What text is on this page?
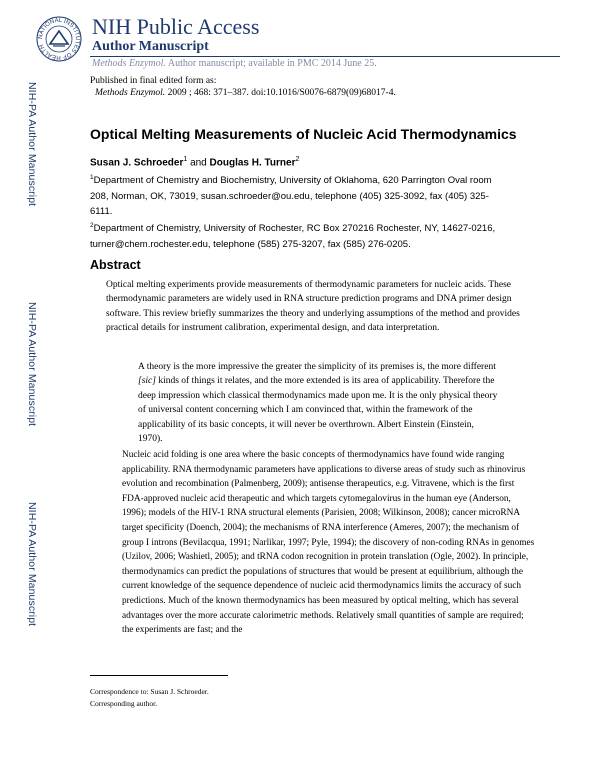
NATIONAL INSTITUTES OF HEALTH
NIH Public Access
Author Manuscript
Methods Enzymol. Author manuscript; available in PMC 2014 June 25.
Published in final edited form as:
Methods Enzymol. 2009 ; 468: 371–387. doi:10.1016/S0076-6879(09)68017-4.
NIH-PA Author Manuscript
NIH-PA Author Manuscript
NIH-PA Author Manuscript
Optical Melting Measurements of Nucleic Acid Thermodynamics
Susan J. Schroeder$^1$ and Douglas H. Turner$^2$
$^1$Department of Chemistry and Biochemistry, University of Oklahoma, 620 Parrington Oval room 208, Norman, OK, 73019, susan.schroeder@ou.edu, telephone (405) 325-3092, fax (405) 325-6111.
$^2$Department of Chemistry, University of Rochester, RC Box 270216 Rochester, NY, 14627-0216, turner@chem.rochester.edu, telephone (585) 275-3207, fax (585) 276-0205.
Abstract
Optical melting experiments provide measurements of thermodynamic parameters for nucleic acids. These thermodynamic parameters are widely used in RNA structure prediction programs and DNA primer design software. This review briefly summarizes the theory and underlying assumptions of the method and provides practical details for instrument calibration, experimental design, and data interpretation.
A theory is the more impressive the greater the simplicity of its premises is, the more different [sic] kinds of things it relates, and the more extended is its area of applicability. Therefore the deep impression which classical thermodynamics made upon me. It is the only physical theory of universal content concerning which I am convinced that, within the framework of the applicability of its basic concepts, it will never be overthrown. Albert Einstein (Einstein, 1970).
Nucleic acid folding is one area where the basic concepts of thermodynamics have found wide ranging applicability. RNA thermodynamic parameters have applications to diverse areas of study such as rhinovirus evolution and recombination (Palmenberg, 2009); antisense therapeutics, e.g. Vitravene, which is the first FDA-approved nucleic acid therapeutic and which targets cytomegalovirus in the human eye (Anderson, 1996); models of the HIV-1 RNA structural elements (Parisien, 2008; Wilkinson, 2008); cancer microRNA target specificity (Doench, 2004); the mechanisms of RNA interference (Ameres, 2007); the mechanism of group I introns (Bevilacqua, 1991; Narlikar, 1997; Pyle, 1994); the discovery of non-coding RNAs in genomes (Uzilov, 2006; Washietl, 2005); and tRNA codon recognition in protein translation (Ogle, 2002). In principle, thermodynamics can predict the populations of structures that would be present at equilibrium, although the current knowledge of the sequence dependence of nucleic acid thermodynamics limits the accuracy of such predictions. Much of the known thermodynamics has been measured by optical melting, which has several advantages over the more accurate calorimetric methods. Relatively small quantities of sample are required; the experiments are fast; and the
Correspondence to: Susan J. Schroeder.
Corresponding author.
